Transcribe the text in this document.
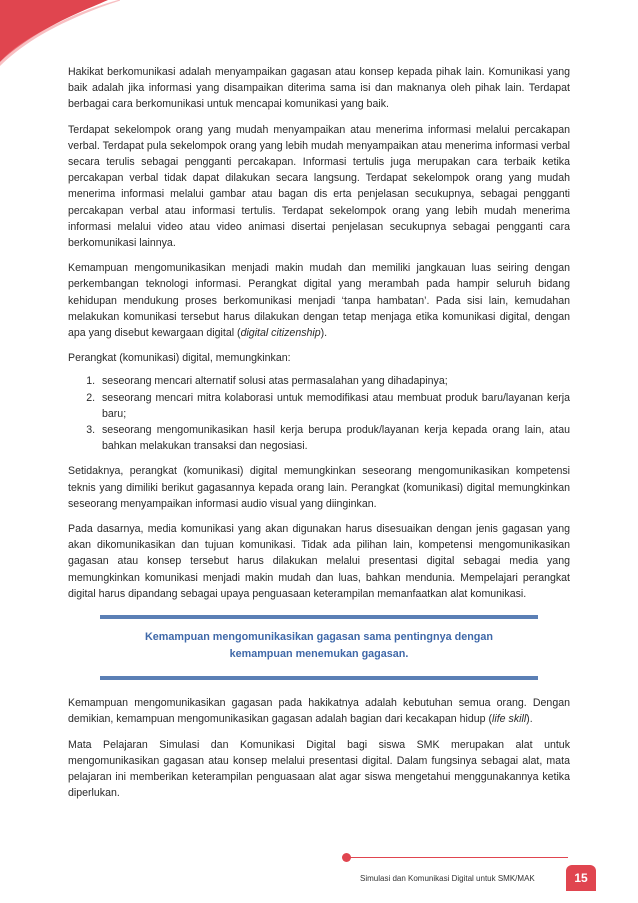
Hakikat berkomunikasi adalah menyampaikan gagasan atau konsep kepada pihak lain. Komunikasi yang baik adalah jika informasi yang disampaikan diterima sama isi dan maknanya oleh pihak lain. Terdapat berbagai cara berkomunikasi untuk mencapai komunikasi yang baik.

Terdapat sekelompok orang yang mudah menyampaikan atau menerima informasi melalui percakapan verbal. Terdapat pula sekelompok orang yang lebih mudah menyampaikan atau menerima informasi verbal secara terulis sebagai pengganti percakapan. Informasi tertulis juga merupakan cara terbaik ketika percakapan verbal tidak dapat dilakukan secara langsung. Terdapat sekelompok orang yang mudah menerima informasi melalui gambar atau bagan dis erta penjelasan secukupnya, sebagai pengganti percakapan verbal atau informasi tertulis. Terdapat sekelompok orang yang lebih mudah menerima informasi melalui video atau video animasi disertai penjelasan secukupnya sebagai pengganti cara berkomunikasi lainnya.

Kemampuan mengomunikasikan menjadi makin mudah dan memiliki jangkauan luas seiring dengan perkembangan teknologi informasi. Perangkat digital yang merambah pada hampir seluruh bidang kehidupan mendukung proses berkomunikasi menjadi ‘tanpa hambatan’. Pada sisi lain, kemudahan melakukan komunikasi tersebut harus dilakukan dengan tetap menjaga etika komunikasi digital, dengan apa yang disebut kewargaan digital (digital citizenship).

Perangkat (komunikasi) digital, memungkinkan:

1. seseorang mencari alternatif solusi atas permasalahan yang dihadapinya;
2. seseorang mencari mitra kolaborasi untuk memodifikasi atau membuat produk baru/layanan kerja baru;
3. seseorang mengomunikasikan hasil kerja berupa produk/layanan kerja kepada orang lain, atau bahkan melakukan transaksi dan negosiasi.

Setidaknya, perangkat (komunikasi) digital memungkinkan seseorang mengomunikasikan kompetensi teknis yang dimiliki berikut gagasannya kepada orang lain. Perangkat (komunikasi) digital memungkinkan seseorang menyampaikan informasi audio visual yang diinginkan.

Pada dasarnya, media komunikasi yang akan digunakan harus disesuaikan dengan jenis gagasan yang akan dikomunikasikan dan tujuan komunikasi. Tidak ada pilihan lain, kompetensi mengomunikasikan gagasan atau konsep tersebut harus dilakukan melalui presentasi digital sebagai media yang memungkinkan komunikasi menjadi makin mudah dan luas, bahkan mendunia. Mempelajari perangkat digital harus dipandang sebagai upaya penguasaan keterampilan memanfaatkan alat komunikasi.

Kemampuan mengomunikasikan gagasan sama pentingnya dengan
kemampuan menemukan gagasan.

Kemampuan mengomunikasikan gagasan pada hakikatnya adalah kebutuhan semua orang. Dengan demikian, kemampuan mengomunikasikan gagasan adalah bagian dari kecakapan hidup (life skill).

Mata Pelajaran Simulasi dan Komunikasi Digital bagi siswa SMK merupakan alat untuk mengomunikasikan gagasan atau konsep melalui presentasi digital. Dalam fungsinya sebagai alat, mata pelajaran ini memberikan keterampilan penguasaan alat agar siswa mengetahui menggunakannya ketika diperlukan.

Simulasi dan Komunikasi Digital untuk SMK/MAK	15
